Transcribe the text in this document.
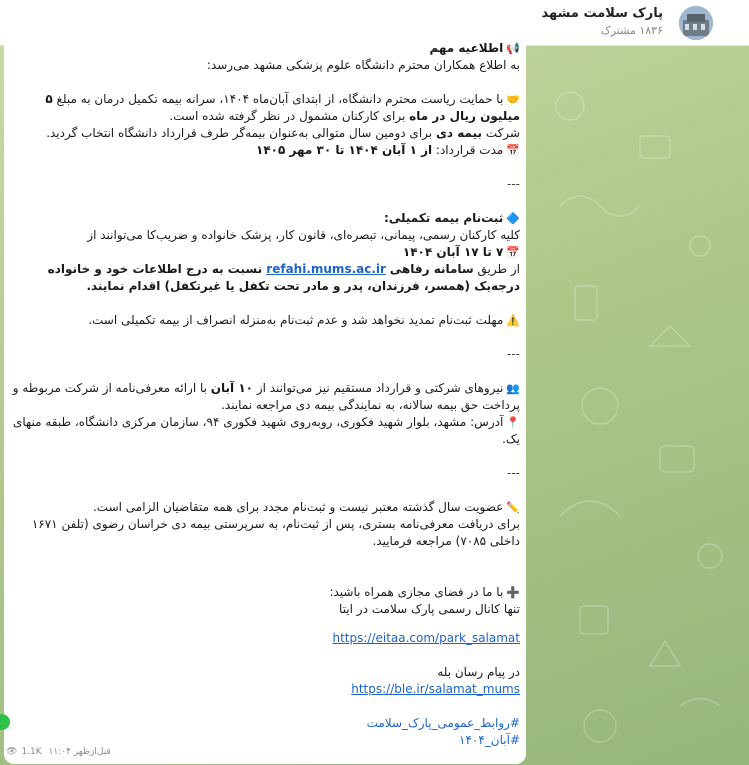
پارک سلامت مشهد
۱۸۳۶ مشترک
📢اطلاعیه مهم
به اطلاع همکاران محترم دانشگاه علوم پزشکی مشهد می‌رسد:
🤝با حمایت ریاست محترم دانشگاه، از ابتدای آبان‌ماه ۱۴۰۴، سرانه بیمه تکمیل درمان به مبلغ ۵ میلیون ریال در ماه برای کارکنان مشمول در نظر گرفته شده است.
شرکت بیمه دی برای دومین سال متوالی به‌عنوان بیمه‌گر طرف قرارداد دانشگاه انتخاب گردید.
📅مدت قرارداد: از ۱ آبان ۱۴۰۴ تا ۳۰ مهر ۱۴۰۵
---
🔷ثبت‌نام بیمه تکمیلی:
کلیه کارکنان رسمی، پیمانی، تبصره‌ای، قانون کار، پزشک خانواده و ضریب‌کا می‌توانند از
📅۷ تا ۱۷ آبان ۱۴۰۴
از طریق سامانه رفاهی refahi.mums.ac.ir نسبت به درج اطلاعات خود و خانواده درجه‌یک (همسر، فرزندان، پدر و مادر تحت تکفل یا غیرتکفل) اقدام نمایند.
⚠️مهلت ثبت‌نام تمدید نخواهد شد و عدم ثبت‌نام به‌منزله انصراف از بیمه تکمیلی است.
---
👥نیروهای شرکتی و قرارداد مستقیم نیز می‌توانند از ۱۰ آبان با ارائه معرفی‌نامه از شرکت مربوطه و پرداخت حق بیمه سالانه، به نمایندگی بیمه دی مراجعه نمایند.
📍آدرس: مشهد، بلوار شهید فکوری، روبه‌روی شهید فکوری ۹۴، سازمان مرکزی دانشگاه، طبقه منهای یک.
---
✏️عضویت سال گذشته معتبر نیست و ثبت‌نام مجدد برای همه متقاضیان الزامی است.
برای دریافت معرفی‌نامه بستری، پس از ثبت‌نام، به سرپرستی بیمه دی خراسان رضوی (تلفن ۱۶۷۱ داخلی ۷۰۸۵) مراجعه فرمایید.
➕با ما در فضای مجازی همراه باشید:
تنها کانال رسمی پارک سلامت در ایتا
https://eitaa.com/park_salamat
در پیام رسان بله
https://ble.ir/salamat_mums
#روابط_عمومی_پارک_سلامت
#آبان_۱۴۰۴
👁 1.1K ۱۱:۰۴ قبل‌ازظهر
